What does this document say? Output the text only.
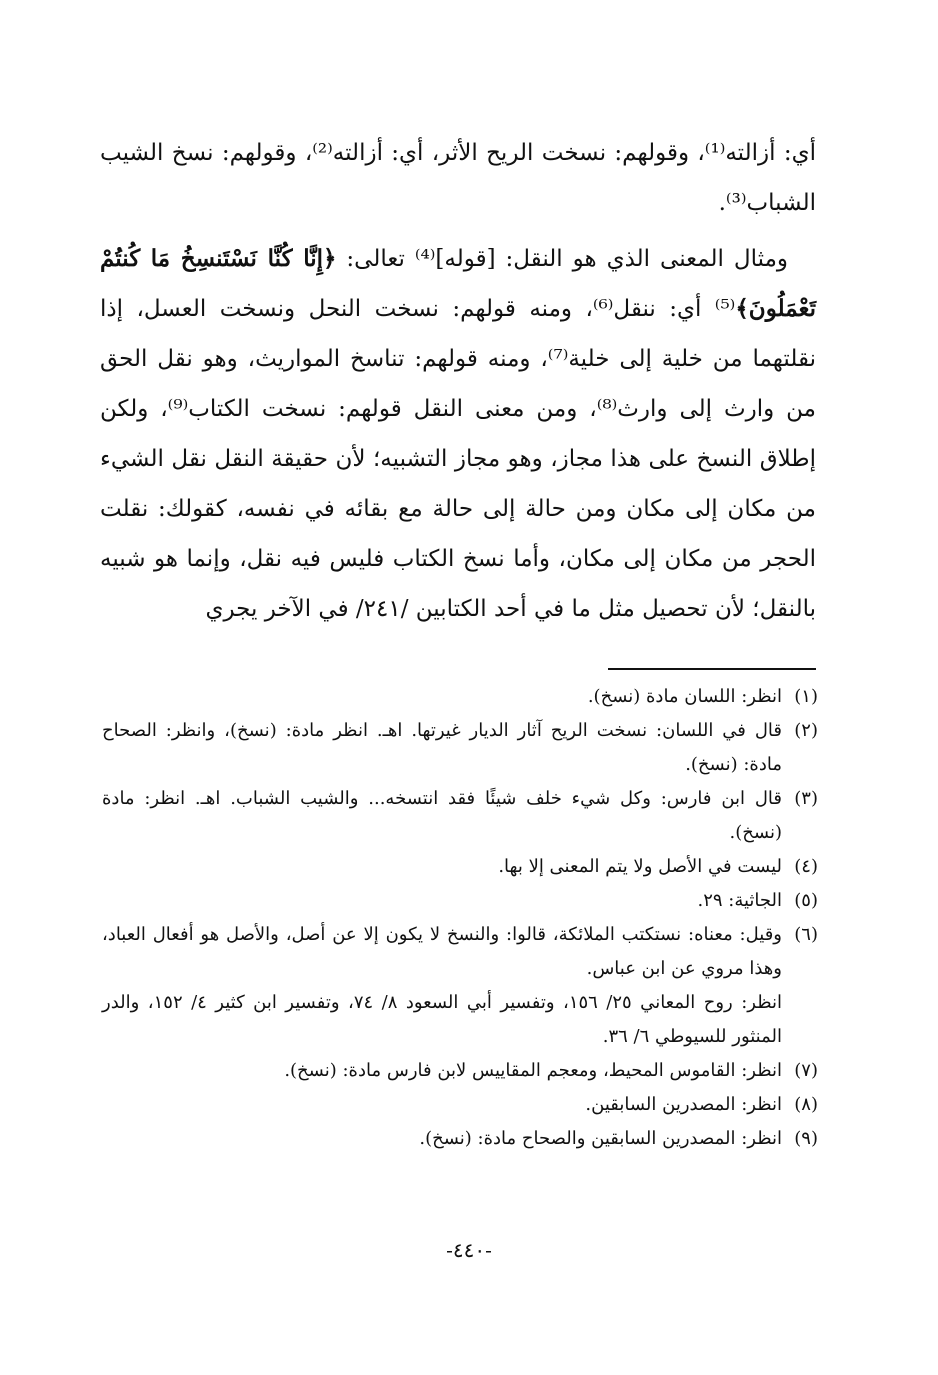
أي: أزالته⁽¹⁾، وقولهم: نسخت الريح الأثر، أي: أزالته⁽²⁾، وقولهم: نسخ الشيب الشباب⁽³⁾.

ومثال المعنى الذي هو النقل: [قوله]⁽⁴⁾ تعالى: ﴿إِنَّا كُنَّا نَسْتَنسِخُ مَا كُنتُمْ تَعْمَلُونَ﴾⁽⁵⁾ أي: ننقل⁽⁶⁾، ومنه قولهم: نسخت النحل ونسخت العسل، إذا نقلتهما من خلية إلى خلية⁽⁷⁾، ومنه قولهم: تناسخ المواريث، وهو نقل الحق من وارث إلى وارث⁽⁸⁾، ومن معنى النقل قولهم: نسخت الكتاب⁽⁹⁾، ولكن إطلاق النسخ على هذا مجاز، وهو مجاز التشبيه؛ لأن حقيقة النقل نقل الشيء من مكان إلى مكان ومن حالة إلى حالة مع بقائه في نفسه، كقولك: نقلت الحجر من مكان إلى مكان، وأما نسخ الكتاب فليس فيه نقل، وإنما هو شبيه بالنقل؛ لأن تحصيل مثل ما في أحد الكتابين /٢٤١/ في الآخر يجري

(١)
انظر: اللسان مادة (نسخ).
(٢)
قال في اللسان: نسخت الريح آثار الديار غيرتها. اهـ. انظر مادة: (نسخ)، وانظر: الصحاح مادة: (نسخ).
(٣)
قال ابن فارس: وكل شيء خلف شيئًا فقد انتسخه... والشيب الشباب. اهـ. انظر: مادة (نسخ).
(٤)
ليست في الأصل ولا يتم المعنى إلا بها.
(٥)
الجاثية: ٢٩.
(٦)
وقيل: معناه: نستكتب الملائكة، قالوا: والنسخ لا يكون إلا عن أصل، والأصل هو أفعال العباد، وهذا مروي عن ابن عباس.
انظر: روح المعاني ٢٥/ ١٥٦، وتفسير أبي السعود ٨/ ٧٤، وتفسير ابن كثير ٤/ ١٥٢، والدر المنثور للسيوطي ٦/ ٣٦.
(٧)
انظر: القاموس المحيط، ومعجم المقاييس لابن فارس مادة: (نسخ).
(٨)
انظر: المصدرين السابقين.
(٩)
انظر: المصدرين السابقين والصحاح مادة: (نسخ).
-٤٤٠-
